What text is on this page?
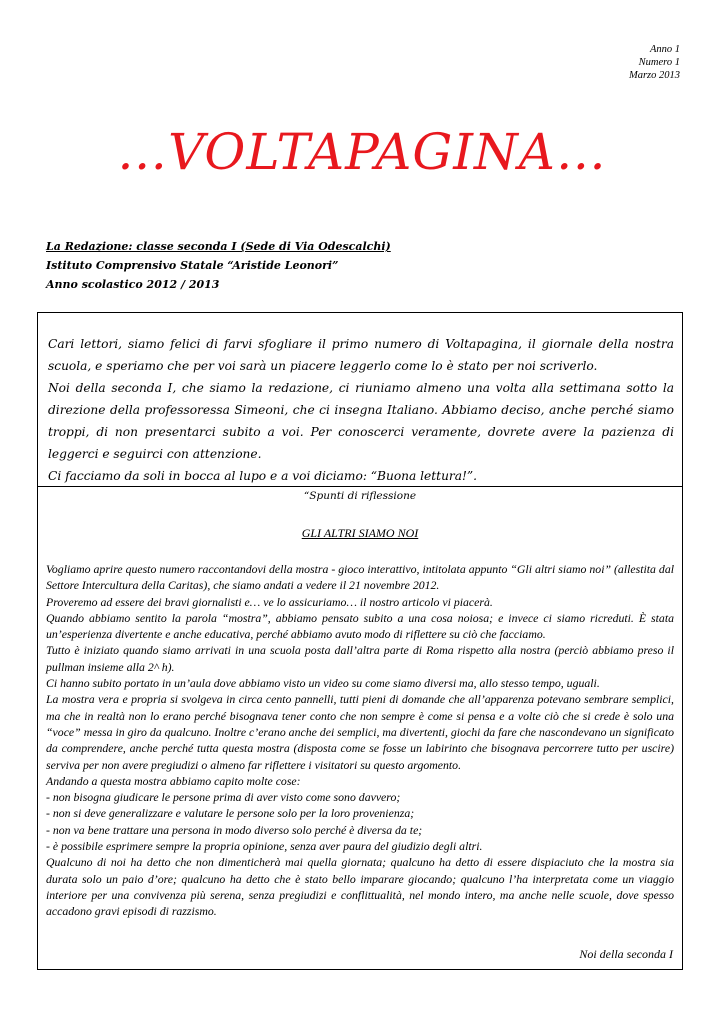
Anno 1
Numero 1
Marzo 2013
…VOLTAPAGINA…
La Redazione: classe seconda I (Sede di Via Odescalchi)
Istituto Comprensivo Statale “Aristide Leonori”
Anno scolastico 2012 / 2013

Cari lettori, siamo felici di farvi sfogliare il primo numero di Voltapagina, il giornale della nostra scuola, e speriamo che per voi sarà un piacere leggerlo come lo è stato per noi scriverlo.

Noi della seconda I, che siamo la redazione, ci riuniamo almeno una volta alla settimana sotto la direzione della professoressa Simeoni, che ci insegna Italiano. Abbiamo deciso, anche perché siamo troppi, di non presentarci subito a voi. Per conoscerci veramente, dovrete avere la pazienza di leggerci e seguirci con attenzione.

Ci facciamo da soli in bocca al lupo e a voi diciamo: “Buona lettura!”.

“Spunti di riflessione
GLI ALTRI SIAMO NOI

Vogliamo aprire questo numero raccontandovi della mostra - gioco interattivo, intitolata appunto “Gli altri siamo noi” (allestita dal Settore Intercultura della Caritas), che siamo andati a vedere il 21 novembre 2012.

Proveremo ad essere dei bravi giornalisti e… ve lo assicuriamo… il nostro articolo vi piacerà.

Quando abbiamo sentito la parola “mostra”, abbiamo pensato subito a una cosa noiosa; e invece ci siamo ricreduti. È stata un’esperienza divertente e anche educativa, perché abbiamo avuto modo di riflettere su ciò che facciamo.

Tutto è iniziato quando siamo arrivati in una scuola posta dall’altra parte di Roma rispetto alla nostra (perciò abbiamo preso il pullman insieme alla 2^ h).

Ci hanno subito portato in un’aula dove abbiamo visto un video su come siamo diversi ma, allo stesso tempo, uguali.

La mostra vera e propria si svolgeva in circa cento pannelli, tutti pieni di domande che all’apparenza potevano sembrare semplici, ma che in realtà non lo erano perché bisognava tener conto che non sempre è come si pensa e a volte ciò che si crede è solo una “voce” messa in giro da qualcuno. Inoltre c’erano anche dei semplici, ma divertenti, giochi da fare che nascondevano un significato da comprendere, anche perché tutta questa mostra (disposta come se fosse un labirinto che bisognava percorrere tutto per uscire) serviva per non avere pregiudizi o almeno far riflettere i visitatori su questo argomento.

Andando a questa mostra abbiamo capito molte cose:

- non bisogna giudicare le persone prima di aver visto come sono davvero;

- non si deve generalizzare e valutare le persone solo per la loro provenienza;

- non va bene trattare una persona in modo diverso solo perché è diversa da te;

- è possibile esprimere sempre la propria opinione, senza aver paura del giudizio degli altri.

Qualcuno di noi ha detto che non dimenticherà mai quella giornata; qualcuno ha detto di essere dispiaciuto che la mostra sia durata solo un paio d’ore; qualcuno ha detto che è stato bello imparare giocando; qualcuno l’ha interpretata come un viaggio interiore per una convivenza più serena, senza pregiudizi e conflittualità, nel mondo intero, ma anche nelle scuole, dove spesso accadono gravi episodi di razzismo.

Noi della seconda I
